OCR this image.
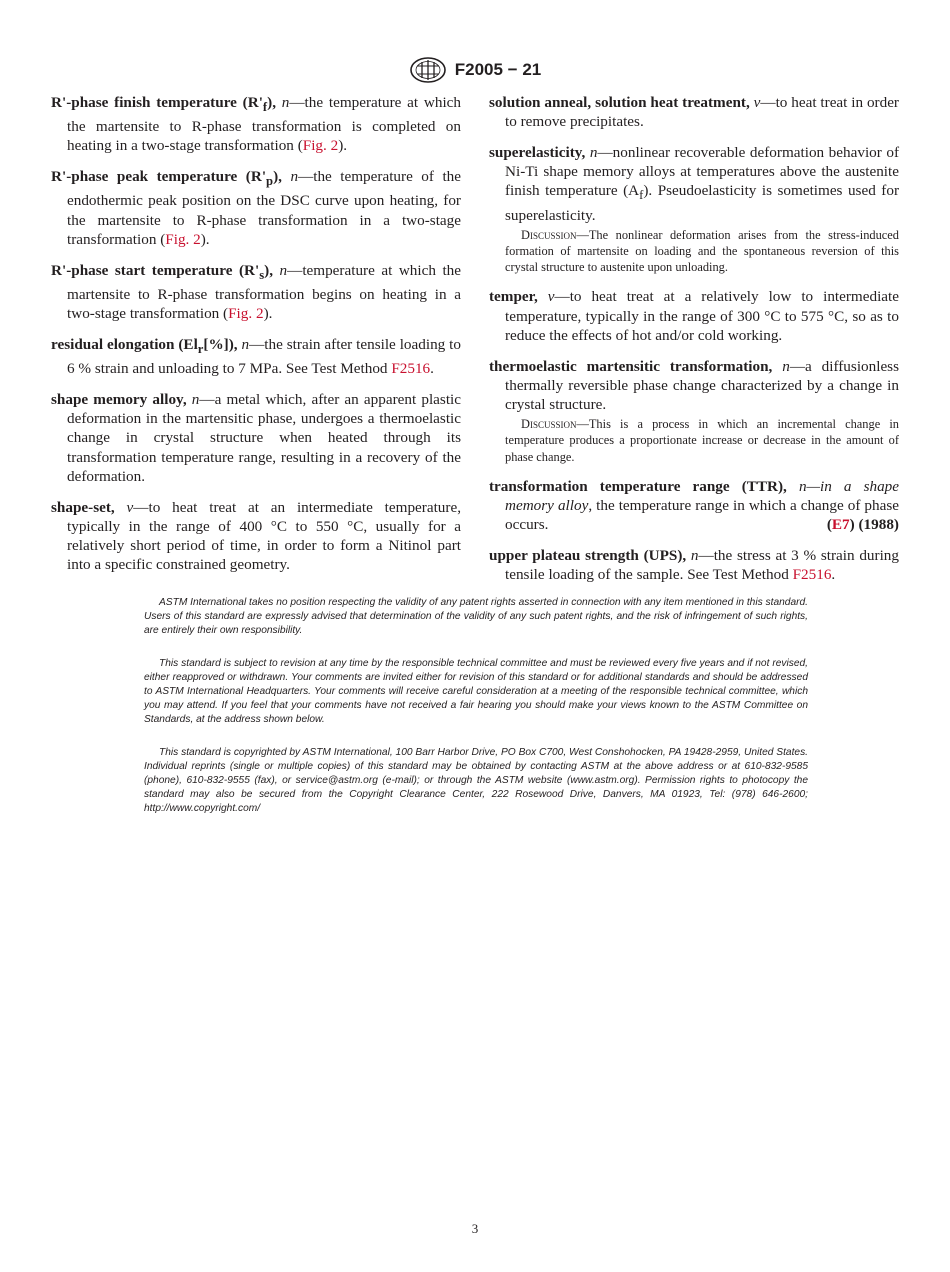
F2005 − 21

R'-phase finish temperature $(R'_f)$, n—the temperature at which the martensite to R-phase transformation is completed on heating in a two-stage transformation (Fig. 2).

R'-phase peak temperature $(R'_p)$, n—the temperature of the endothermic peak position on the DSC curve upon heating, for the martensite to R-phase transformation in a two-stage transformation (Fig. 2).

R'-phase start temperature $(R'_s)$, n—temperature at which the martensite to R-phase transformation begins on heating in a two-stage transformation (Fig. 2).

residual elongation $(El_r[\%])$, n—the strain after tensile loading to 6 % strain and unloading to 7 MPa. See Test Method F2516.

shape memory alloy, n—a metal which, after an apparent plastic deformation in the martensitic phase, undergoes a thermoelastic change in crystal structure when heated through its transformation temperature range, resulting in a recovery of the deformation.

shape-set, v—to heat treat at an intermediate temperature, typically in the range of 400 °C to 550 °C, usually for a relatively short period of time, in order to form a Nitinol part into a specific constrained geometry.

solution anneal, solution heat treatment, v—to heat treat in order to remove precipitates.

superelasticity, n—nonlinear recoverable deformation behavior of Ni-Ti shape memory alloys at temperatures above the austenite finish temperature $(A_f)$. Pseudoelasticity is sometimes used for superelasticity.

Discussion—The nonlinear deformation arises from the stress-induced formation of martensite on loading and the spontaneous reversion of this crystal structure to austenite upon unloading.

temper, v—to heat treat at a relatively low to intermediate temperature, typically in the range of 300 °C to 575 °C, so as to reduce the effects of hot and/or cold working.

thermoelastic martensitic transformation, n—a diffusionless thermally reversible phase change characterized by a change in crystal structure.

Discussion—This is a process in which an incremental change in temperature produces a proportionate increase or decrease in the amount of phase change.

transformation temperature range (TTR), n—in a shape memory alloy, the temperature range in which a change of phase occurs.	(E7) (1988)

upper plateau strength (UPS), n—the stress at 3 % strain during tensile loading of the sample. See Test Method F2516.

ASTM International takes no position respecting the validity of any patent rights asserted in connection with any item mentioned in this standard. Users of this standard are expressly advised that determination of the validity of any such patent rights, and the risk of infringement of such rights, are entirely their own responsibility.

This standard is subject to revision at any time by the responsible technical committee and must be reviewed every five years and if not revised, either reapproved or withdrawn. Your comments are invited either for revision of this standard or for additional standards and should be addressed to ASTM International Headquarters. Your comments will receive careful consideration at a meeting of the responsible technical committee, which you may attend. If you feel that your comments have not received a fair hearing you should make your views known to the ASTM Committee on Standards, at the address shown below.

This standard is copyrighted by ASTM International, 100 Barr Harbor Drive, PO Box C700, West Conshohocken, PA 19428-2959, United States. Individual reprints (single or multiple copies) of this standard may be obtained by contacting ASTM at the above address or at 610-832-9585 (phone), 610-832-9555 (fax), or service@astm.org (e-mail); or through the ASTM website (www.astm.org). Permission rights to photocopy the standard may also be secured from the Copyright Clearance Center, 222 Rosewood Drive, Danvers, MA 01923, Tel: (978) 646-2600; http://www.copyright.com/

3
